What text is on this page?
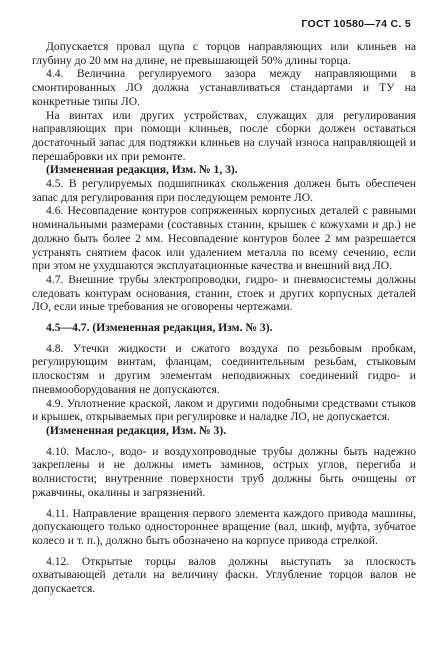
ГОСТ 10580—74 С. 5

Допускается провал щупа с торцов направляющих или клиньев на глубину до 20 мм на длине, не превышающей 50% длины торца.

4.4. Величина регулируемого зазора между направляющими в смонтированных ЛО должна устанавливаться стандартами и ТУ на конкретные типы ЛО.

На винтах или других устройствах, служащих для регулирования направляющих при помощи клиньев, после сборки должен оставаться достаточный запас для подтяжки клиньев на случай износа направляющей и перешабровки их при ремонте.

(Измененная редакция, Изм. № 1, 3).

4.5. В регулируемых подшипниках скольжения должен быть обеспечен запас для регулирования при последующем ремонте ЛО.

4.6. Несовпадение контуров сопряженных корпусных деталей с равными номинальными размерами (составных станин, крышек с кожухами и др.) не должно быть более 2 мм. Несовпадение контуров более 2 мм разрешается устранять снятием фасок или удалением металла по всему сечению, если при этом не ухудшаются эксплуатационные качества и внешний вид ЛО.

4.7. Внешние трубы электропроводки, гидро- и пневмосистемы должны следовать контурам основания, станин, стоек и других корпусных деталей ЛО, если иные требования не оговорены чертежами.

4.5—4.7. (Измененная редакция, Изм. № 3).

4.8. Утечки жидкости и сжатого воздуха по резьбовым пробкам, регулирующим винтам, фланцам, соединительным резьбам, стыковым плоскостям и другим элементам неподвижных соединений гидро- и пневмооборудования не допускаются.

4.9. Уплотнение краской, лаком и другими подобными средствами стыков и крышек, открываемых при регулировке и наладке ЛО, не допускается.

(Измененная редакция, Изм. № 3).

4.10. Масло-, водо- и воздухопроводные трубы должны быть надежно закреплены и не должны иметь заминов, острых углов, перегиба и волнистости; внутренние поверхности труб должны быть очищены от ржавчины, окалины и загрязнений.

4.11. Направление вращения первого элемента каждого привода машины, допускающего только одностороннее вращение (вал, шкиф, муфта, зубчатое колесо и т. п.), должно быть обозначено на корпусе привода стрелкой.

4.12. Открытые торцы валов должны выступать за плоскость охватывающей детали на величину фаски. Углубление торцов валов не допускается.
